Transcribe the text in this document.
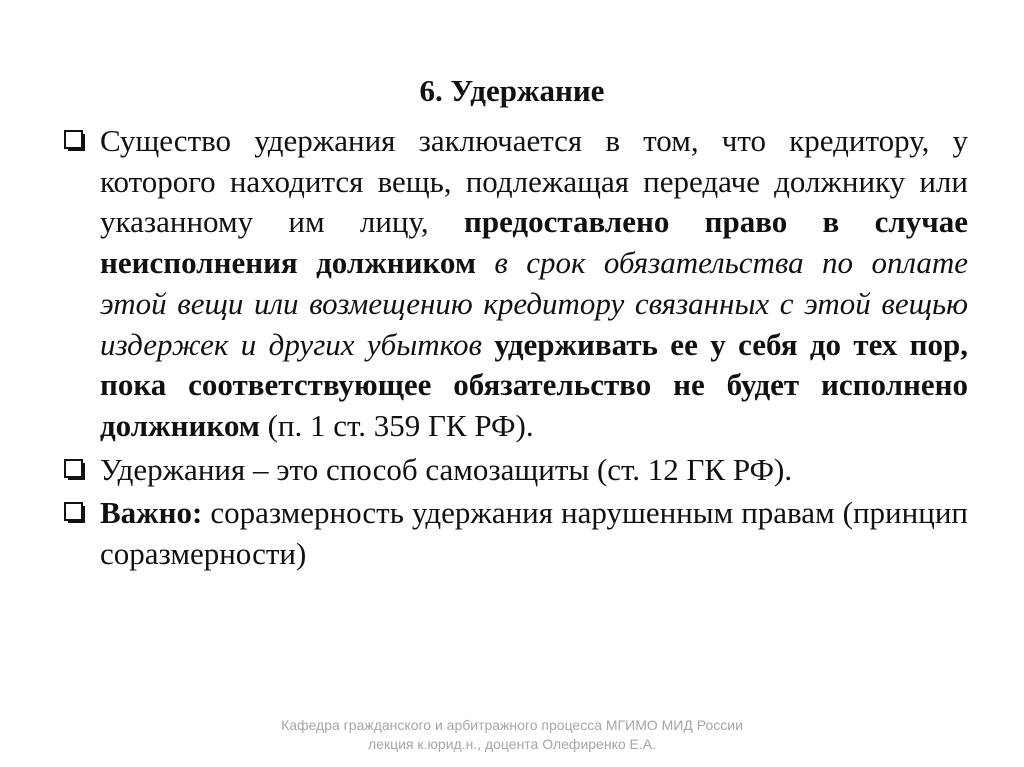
6. Удержание
Существо удержания заключается в том, что кредитору, у которого находится вещь, подлежащая передаче должнику или указанному им лицу, предоставлено право в случае неисполнения должником в срок обязательства по оплате этой вещи или возмещению кредитору связанных с этой вещью издержек и других убытков удерживать ее у себя до тех пор, пока соответствующее обязательство не будет исполнено должником (п. 1 ст. 359 ГК РФ).
Удержания – это способ самозащиты (ст. 12 ГК РФ).
Важно: соразмерность удержания нарушенным правам (принцип соразмерности)
Кафедра гражданского и арбитражного процесса МГИМО МИД России
лекция к.юрид.н., доцента Олефиренко Е.А.
